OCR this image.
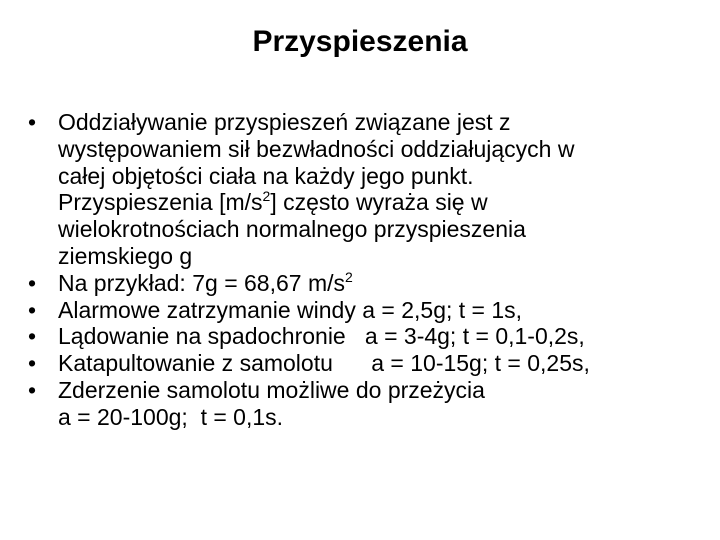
Przyspieszenia
• Oddziaływanie przyspieszeń związane jest z
występowaniem sił bezwładności oddziałujących w
całej objętości ciała na każdy jego punkt.
Przyspieszenia $[m/s^2]$ często wyraża się w
wielokrotnościach normalnego przyspieszenia
ziemskiego g
• Na przykład: 7g = 68,67 $m/s^2$
• Alarmowe zatrzymanie windy a = 2,5g; t = 1s,
• Lądowanie na spadochronie   a = 3-4g; t = 0,1-0,2s,
• Katapultowanie z samolotu      a = 10-15g; t = 0,25s,
• Zderzenie samolotu możliwe do przeżycia
a = 20-100g;  t = 0,1s.
